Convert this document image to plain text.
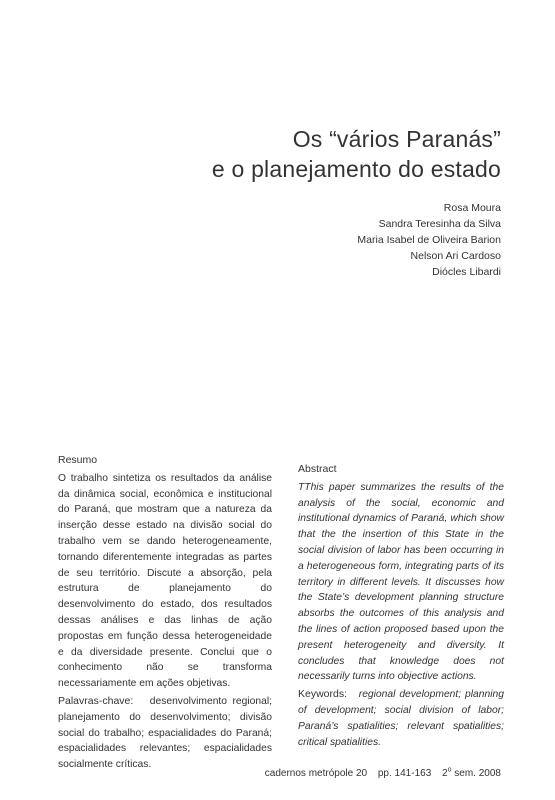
Os “vários Paranás”
e o planejamento do estado
Rosa Moura
Sandra Teresinha da Silva
Maria Isabel de Oliveira Barion
Nelson Ari Cardoso
Diócles Libardi
Resumo

O trabalho sintetiza os resultados da análise da dinâmica social, econômica e institucional do Paraná, que mostram que a natureza da inserção desse estado na divisão social do trabalho vem se dando heterogeneamente, tornando diferentemente integradas as partes de seu território. Discute a absorção, pela estrutura de planejamento do desenvolvimento do estado, dos resultados dessas análises e das linhas de ação propostas em função dessa heterogeneidade e da diversidade presente. Conclui que o conhecimento não se transforma necessariamente em ações objetivas.

Palavras-chave: desenvolvimento regional; planejamento do desenvolvimento; divisão social do trabalho; espacialidades do Paraná; espacialidades relevantes; espacialidades socialmente críticas.
Abstract

TThis paper summarizes the results of the analysis of the social, economic and institutional dynamics of Paraná, which show that the the insertion of this State in the social division of labor has been occurring in a heterogeneous form, integrating parts of its territory in different levels. It discusses how the State’s development planning structure absorbs the outcomes of this analysis and the lines of action proposed based upon the present heterogeneity and diversity. It concludes that knowledge does not necessarily turns into objective actions.

Keywords: regional development; planning of development; social division of labor; Paraná’s spatialities; relevant spatialities; critical spatialities.
cadernos metrópole 20 pp. 141-163 2$^o$ sem. 2008
